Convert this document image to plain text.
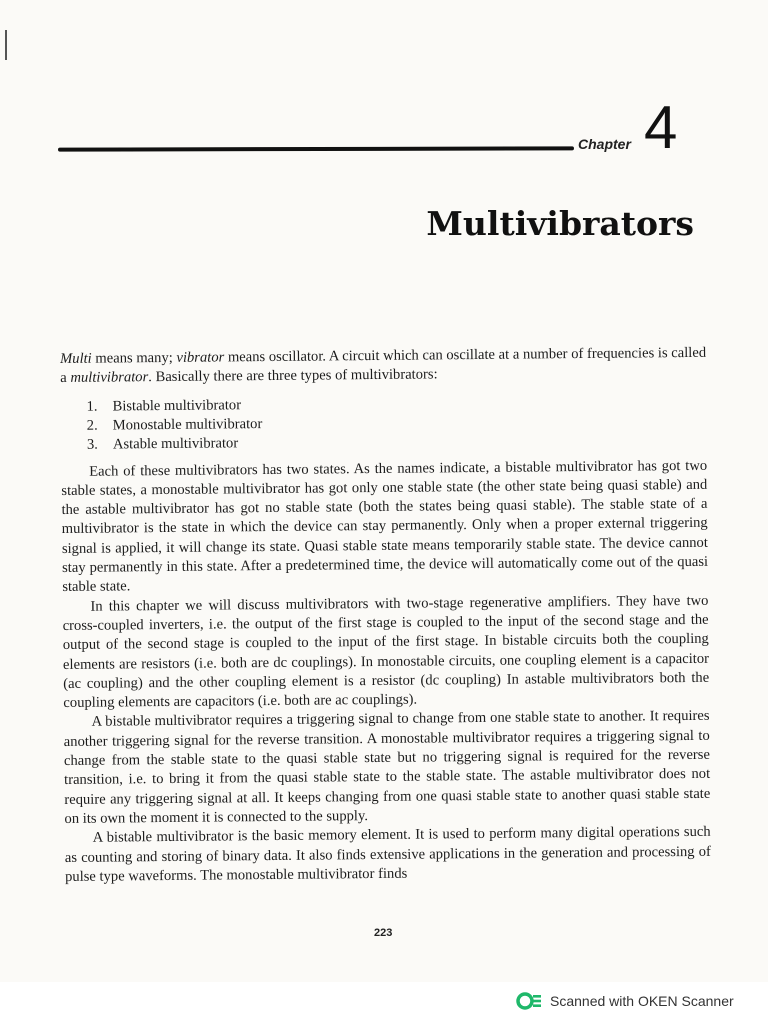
Chapter 4
Multivibrators

Multi means many; vibrator means oscillator. A circuit which can oscillate at a number of frequencies is called a multivibrator. Basically there are three types of multivibrators:

1. Bistable multivibrator
2. Monostable multivibrator
3. Astable multivibrator

Each of these multivibrators has two states. As the names indicate, a bistable multivibrator has got two stable states, a monostable multivibrator has got only one stable state (the other state being quasi stable) and the astable multivibrator has got no stable state (both the states being quasi stable). The stable state of a multivibrator is the state in which the device can stay permanently. Only when a proper external triggering signal is applied, it will change its state. Quasi stable state means temporarily stable state. The device cannot stay permanently in this state. After a predetermined time, the device will automatically come out of the quasi stable state.

In this chapter we will discuss multivibrators with two-stage regenerative amplifiers. They have two cross-coupled inverters, i.e. the output of the first stage is coupled to the input of the second stage and the output of the second stage is coupled to the input of the first stage. In bistable circuits both the coupling elements are resistors (i.e. both are dc couplings). In monostable circuits, one coupling element is a capacitor (ac coupling) and the other coupling element is a resistor (dc coupling) In astable multivibrators both the coupling elements are capacitors (i.e. both are ac couplings).

A bistable multivibrator requires a triggering signal to change from one stable state to another. It requires another triggering signal for the reverse transition. A monostable multivibrator requires a triggering signal to change from the stable state to the quasi stable state but no triggering signal is required for the reverse transition, i.e. to bring it from the quasi stable state to the stable state. The astable multivibrator does not require any triggering signal at all. It keeps changing from one quasi stable state to another quasi stable state on its own the moment it is connected to the supply.

A bistable multivibrator is the basic memory element. It is used to perform many digital operations such as counting and storing of binary data. It also finds extensive applications in the generation and processing of pulse type waveforms. The monostable multivibrator finds

223
Scanned with OKEN Scanner
